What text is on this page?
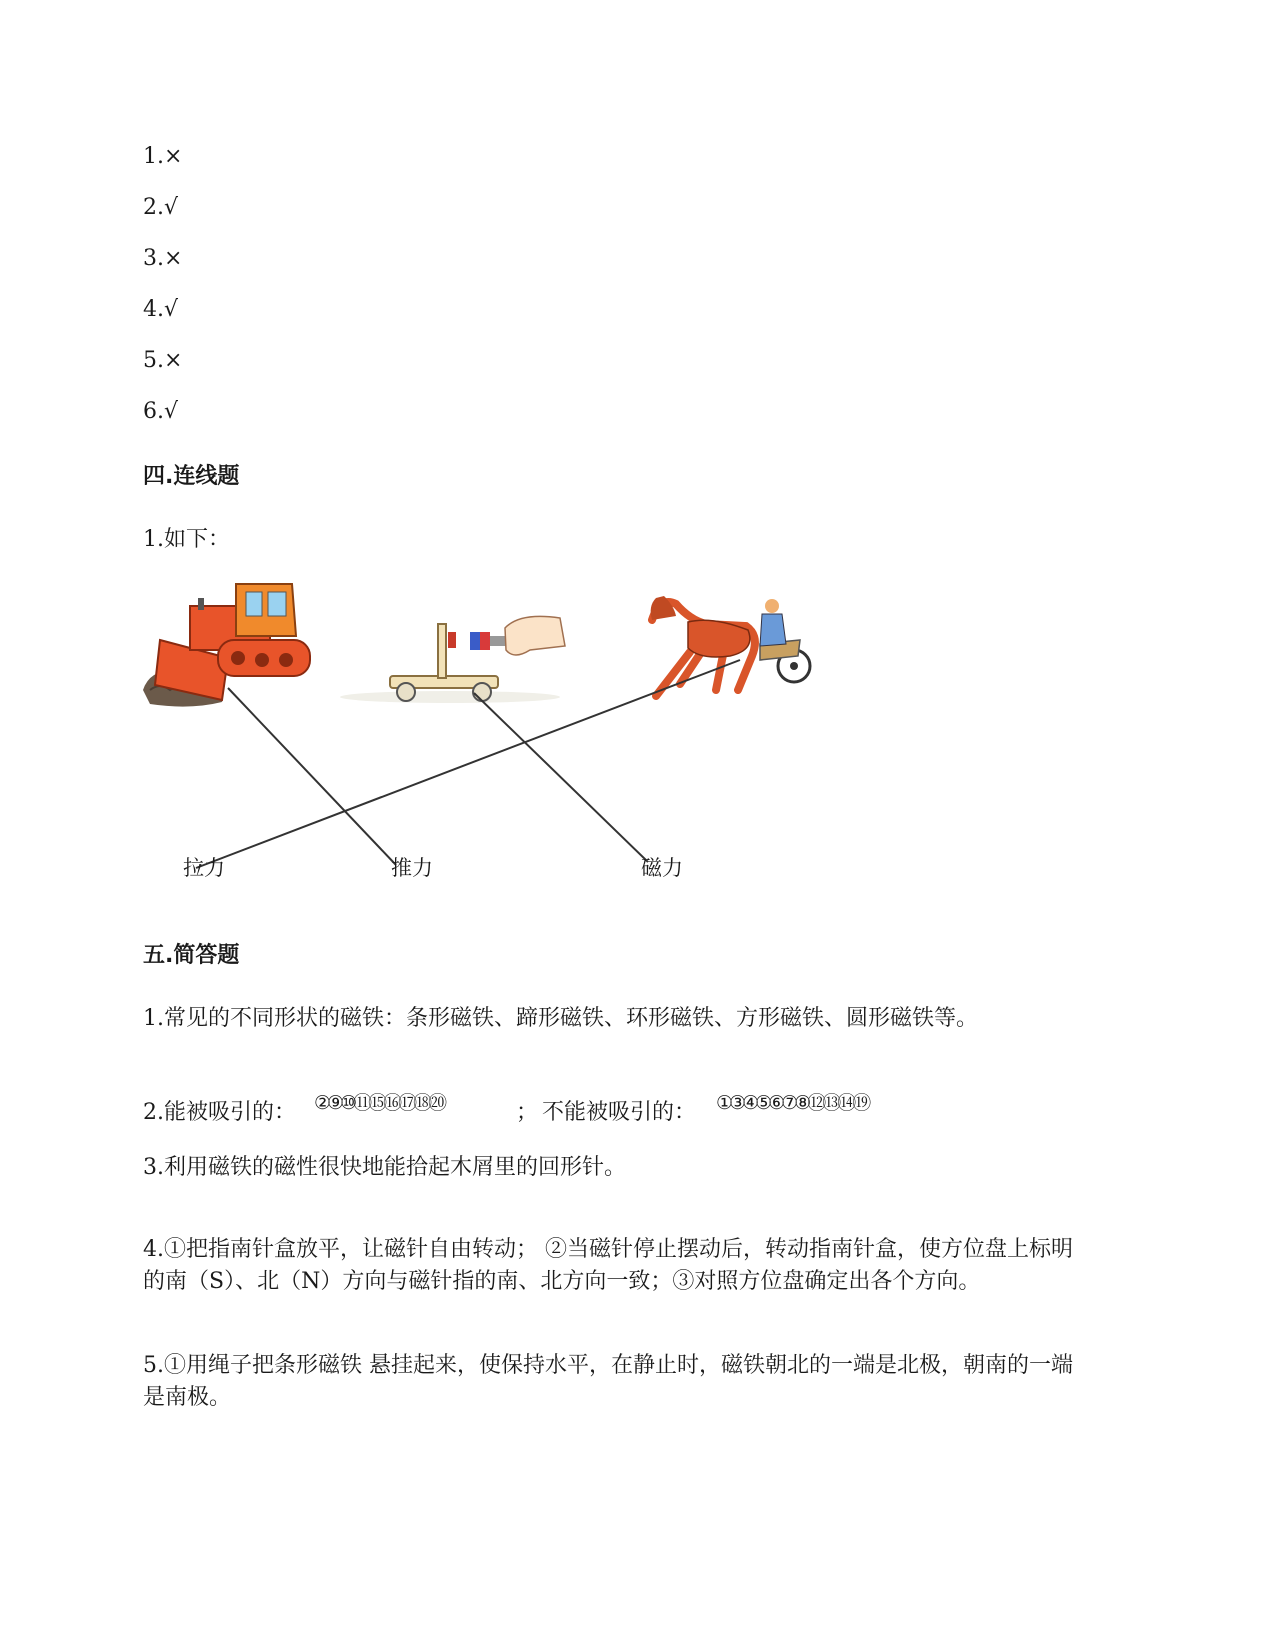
1.×
2.√
3.×
4.√
5.×
6.√
四.连线题
1.如下：
拉力	推力	磁力
五.简答题
1.常见的不同形状的磁铁：条形磁铁、蹄形磁铁、环形磁铁、方形磁铁、圆形磁铁等。
2.能被吸引的： ②⑨⑩⑪⑮⑯⑰⑱⑳	； 不能被吸引的： ①③④⑤⑥⑦⑧⑫⑬⑭⑲
3.利用磁铁的磁性很快地能拾起木屑里的回形针。
4.①把指南针盒放平，让磁针自由转动； ②当磁针停止摆动后，转动指南针盒，使方位盘上标明的南（S）、北（N）方向与磁针指的南、北方向一致；③对照方位盘确定出各个方向。
5.①用绳子把条形磁铁 悬挂起来，使保持水平，在静止时，磁铁朝北的一端是北极，朝南的一端是南极。
